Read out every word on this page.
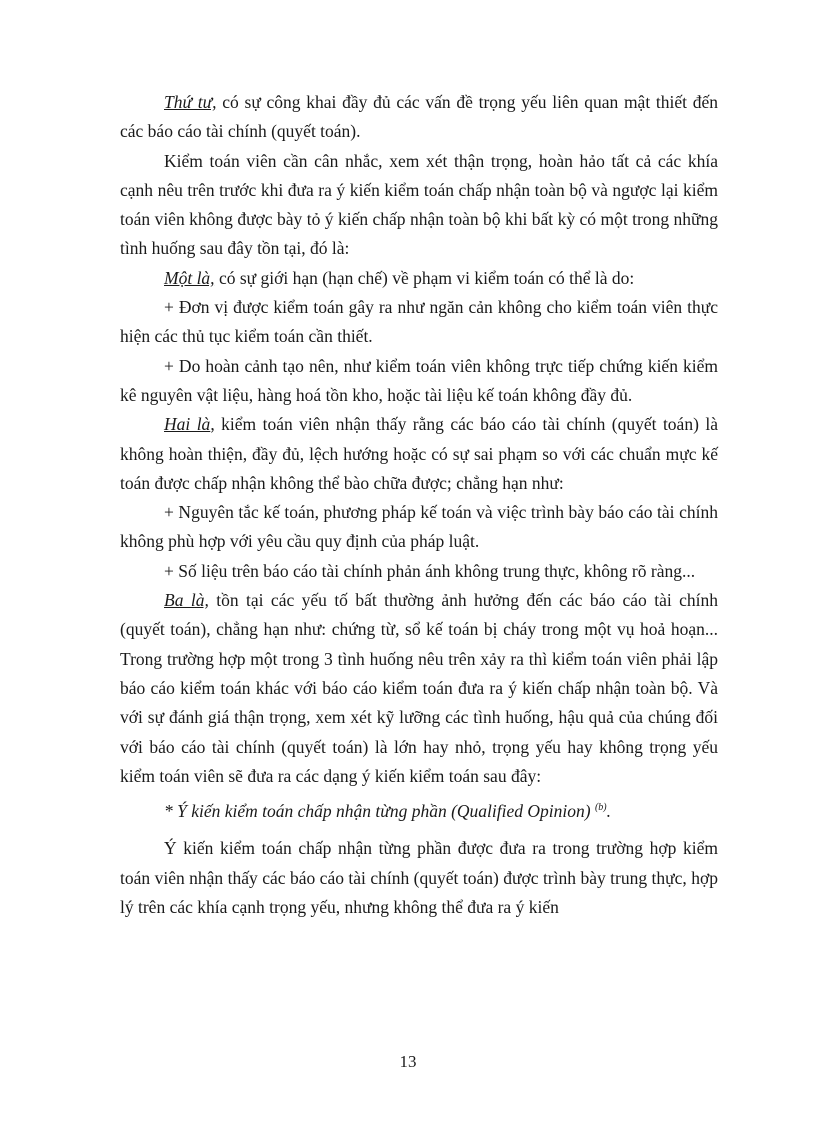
Thứ tư, có sự công khai đầy đủ các vấn đề trọng yếu liên quan mật thiết đến các báo cáo tài chính (quyết toán).

Kiểm toán viên cần cân nhắc, xem xét thận trọng, hoàn hảo tất cả các khía cạnh nêu trên trước khi đưa ra ý kiến kiểm toán chấp nhận toàn bộ và ngược lại kiểm toán viên không được bày tỏ ý kiến chấp nhận toàn bộ khi bất kỳ có một trong những tình huống sau đây tồn tại, đó là:

Một là, có sự giới hạn (hạn chế) về phạm vi kiểm toán có thể là do:

+ Đơn vị được kiểm toán gây ra như ngăn cản không cho kiểm toán viên thực hiện các thủ tục kiểm toán cần thiết.

+ Do hoàn cảnh tạo nên, như kiểm toán viên không trực tiếp chứng kiến kiểm kê nguyên vật liệu, hàng hoá tồn kho, hoặc tài liệu kế toán không đầy đủ.

Hai là, kiểm toán viên nhận thấy rằng các báo cáo tài chính (quyết toán) là không hoàn thiện, đầy đủ, lệch hướng hoặc có sự sai phạm so với các chuẩn mực kế toán được chấp nhận không thể bào chữa được; chẳng hạn như:

+ Nguyên tắc kế toán, phương pháp kế toán và việc trình bày báo cáo tài chính không phù hợp với yêu cầu quy định của pháp luật.

+ Số liệu trên báo cáo tài chính phản ánh không trung thực, không rõ ràng...

Ba là, tồn tại các yếu tố bất thường ảnh hưởng đến các báo cáo tài chính (quyết toán), chẳng hạn như: chứng từ, sổ kế toán bị cháy trong một vụ hoả hoạn... Trong trường hợp một trong 3 tình huống nêu trên xảy ra thì kiểm toán viên phải lập báo cáo kiểm toán khác với báo cáo kiểm toán đưa ra ý kiến chấp nhận toàn bộ. Và với sự đánh giá thận trọng, xem xét kỹ lưỡng các tình huống, hậu quả của chúng đối với báo cáo tài chính (quyết toán) là lớn hay nhỏ, trọng yếu hay không trọng yếu kiểm toán viên sẽ đưa ra các dạng ý kiến kiểm toán sau đây:

* Ý kiến kiểm toán chấp nhận từng phần (Qualified Opinion) $^{(b)}$.

Ý kiến kiểm toán chấp nhận từng phần được đưa ra trong trường hợp kiểm toán viên nhận thấy các báo cáo tài chính (quyết toán) được trình bày trung thực, hợp lý trên các khía cạnh trọng yếu, nhưng không thể đưa ra ý kiến

13
